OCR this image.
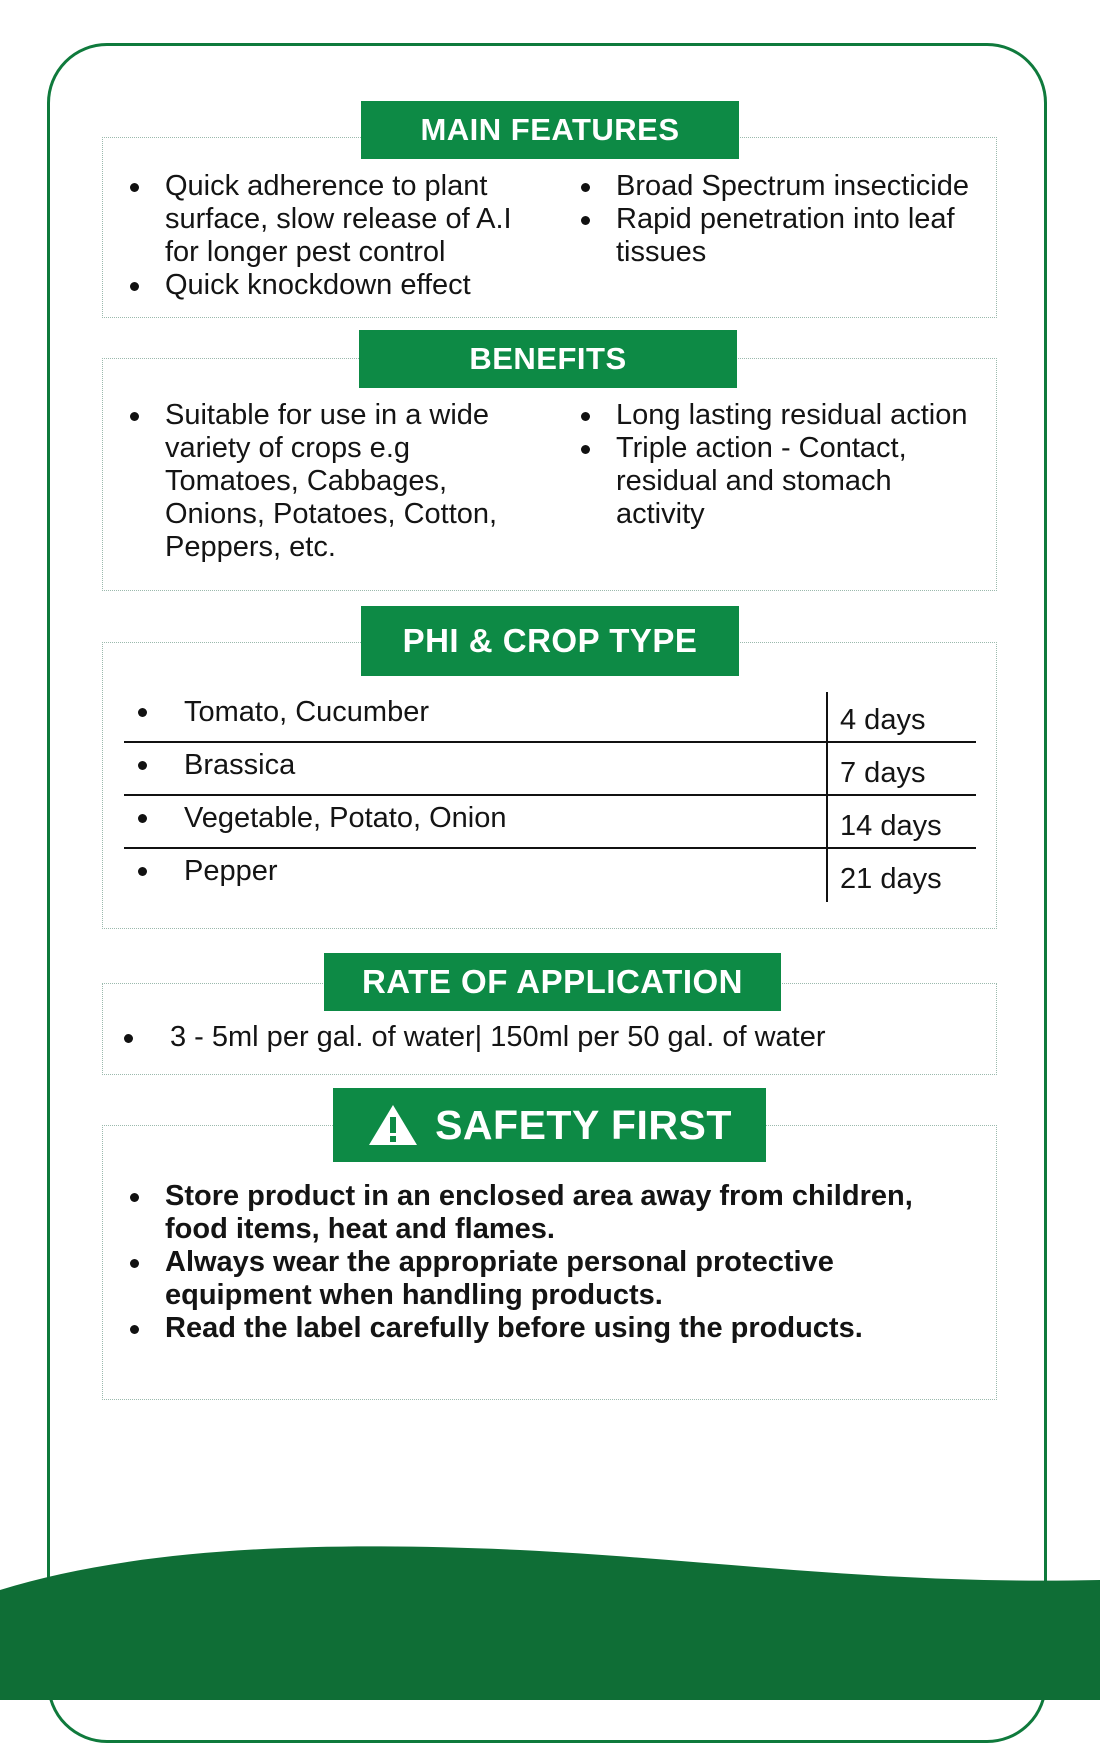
Quick adherence to plant surface, slow release of A.I for longer pest control
Quick knockdown effect
Broad Spectrum insecticide
Rapid penetration into leaf tissues
MAIN FEATURES
Suitable for use in a wide variety of crops e.g Tomatoes, Cabbages, Onions, Potatoes, Cotton, Peppers, etc.
Long lasting residual action
Triple action - Contact, residual and stomach activity
BENEFITS
PHI & CROP TYPE
Tomato, Cucumber	4 days
Brassica	7 days
Vegetable, Potato, Onion	14 days
Pepper	21 days
3 - 5ml per gal. of water| 150ml per 50 gal. of water
RATE OF APPLICATION
Store product in an enclosed area away from children, food items, heat and flames.
Always wear the appropriate personal protective equipment when handling products.
Read the label carefully before using the products.
SAFETY FIRST
